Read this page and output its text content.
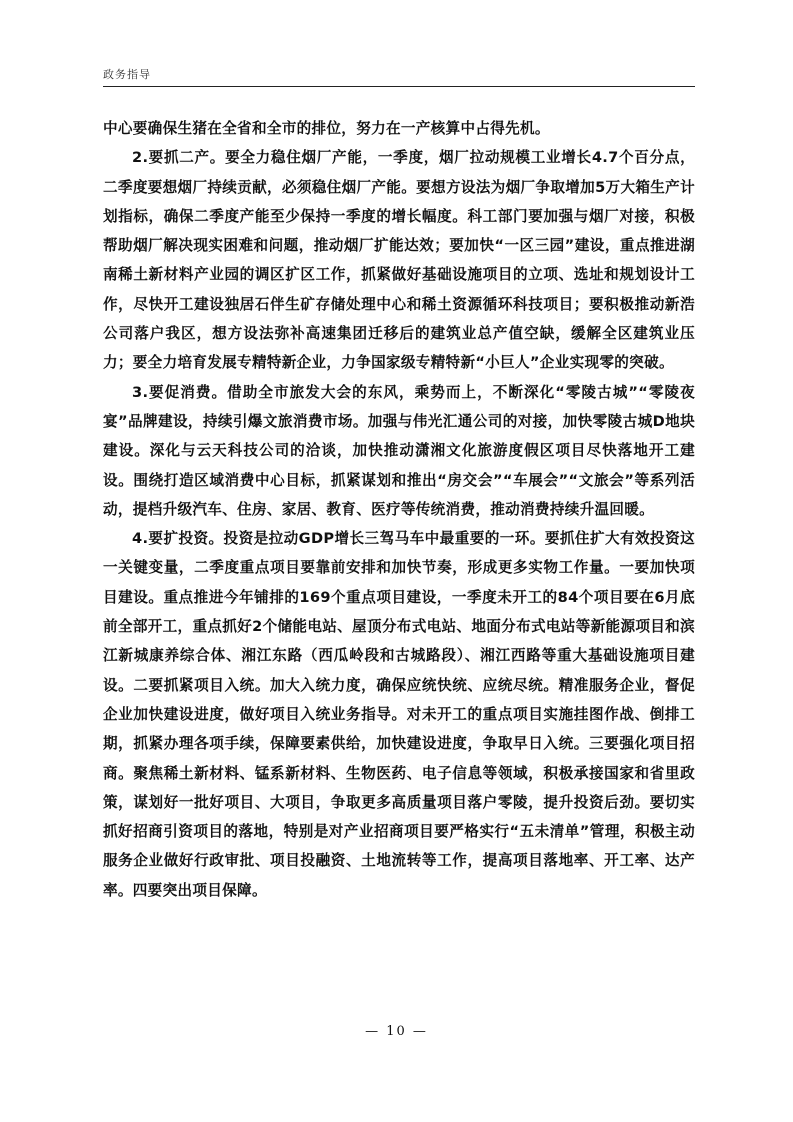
政务指导

中心要确保生猪在全省和全市的排位，努力在一产核算中占得先机。

2.要抓二产。要全力稳住烟厂产能，一季度，烟厂拉动规模工业增长4.7个百分点，二季度要想烟厂持续贡献，必须稳住烟厂产能。要想方设法为烟厂争取增加5万大箱生产计划指标，确保二季度产能至少保持一季度的增长幅度。科工部门要加强与烟厂对接，积极帮助烟厂解决现实困难和问题，推动烟厂扩能达效；要加快“一区三园”建设，重点推进湖南稀土新材料产业园的调区扩区工作，抓紧做好基础设施项目的立项、选址和规划设计工作，尽快开工建设独居石伴生矿存储处理中心和稀土资源循环科技项目；要积极推动新浩公司落户我区，想方设法弥补高速集团迁移后的建筑业总产值空缺，缓解全区建筑业压力；要全力培育发展专精特新企业，力争国家级专精特新“小巨人”企业实现零的突破。

3.要促消费。借助全市旅发大会的东风，乘势而上，不断深化“零陵古城”“零陵夜宴”品牌建设，持续引爆文旅消费市场。加强与伟光汇通公司的对接，加快零陵古城D地块建设。深化与云天科技公司的洽谈，加快推动潇湘文化旅游度假区项目尽快落地开工建设。围绕打造区域消费中心目标，抓紧谋划和推出“房交会”“车展会”“文旅会”等系列活动，提档升级汽车、住房、家居、教育、医疗等传统消费，推动消费持续升温回暖。

4.要扩投资。投资是拉动GDP增长三驾马车中最重要的一环。要抓住扩大有效投资这一关键变量，二季度重点项目要靠前安排和加快节奏，形成更多实物工作量。一要加快项目建设。重点推进今年铺排的169个重点项目建设，一季度未开工的84个项目要在6月底前全部开工，重点抓好2个储能电站、屋顶分布式电站、地面分布式电站等新能源项目和滨江新城康养综合体、湘江东路（西瓜岭段和古城路段）、湘江西路等重大基础设施项目建设。二要抓紧项目入统。加大入统力度，确保应统快统、应统尽统。精准服务企业，督促企业加快建设进度，做好项目入统业务指导。对未开工的重点项目实施挂图作战、倒排工期，抓紧办理各项手续，保障要素供给，加快建设进度，争取早日入统。三要强化项目招商。聚焦稀土新材料、锰系新材料、生物医药、电子信息等领域，积极承接国家和省里政策，谋划好一批好项目、大项目，争取更多高质量项目落户零陵，提升投资后劲。要切实抓好招商引资项目的落地，特别是对产业招商项目要严格实行“五未清单”管理，积极主动服务企业做好行政审批、项目投融资、土地流转等工作，提高项目落地率、开工率、达产率。四要突出项目保障。

— 10 —
